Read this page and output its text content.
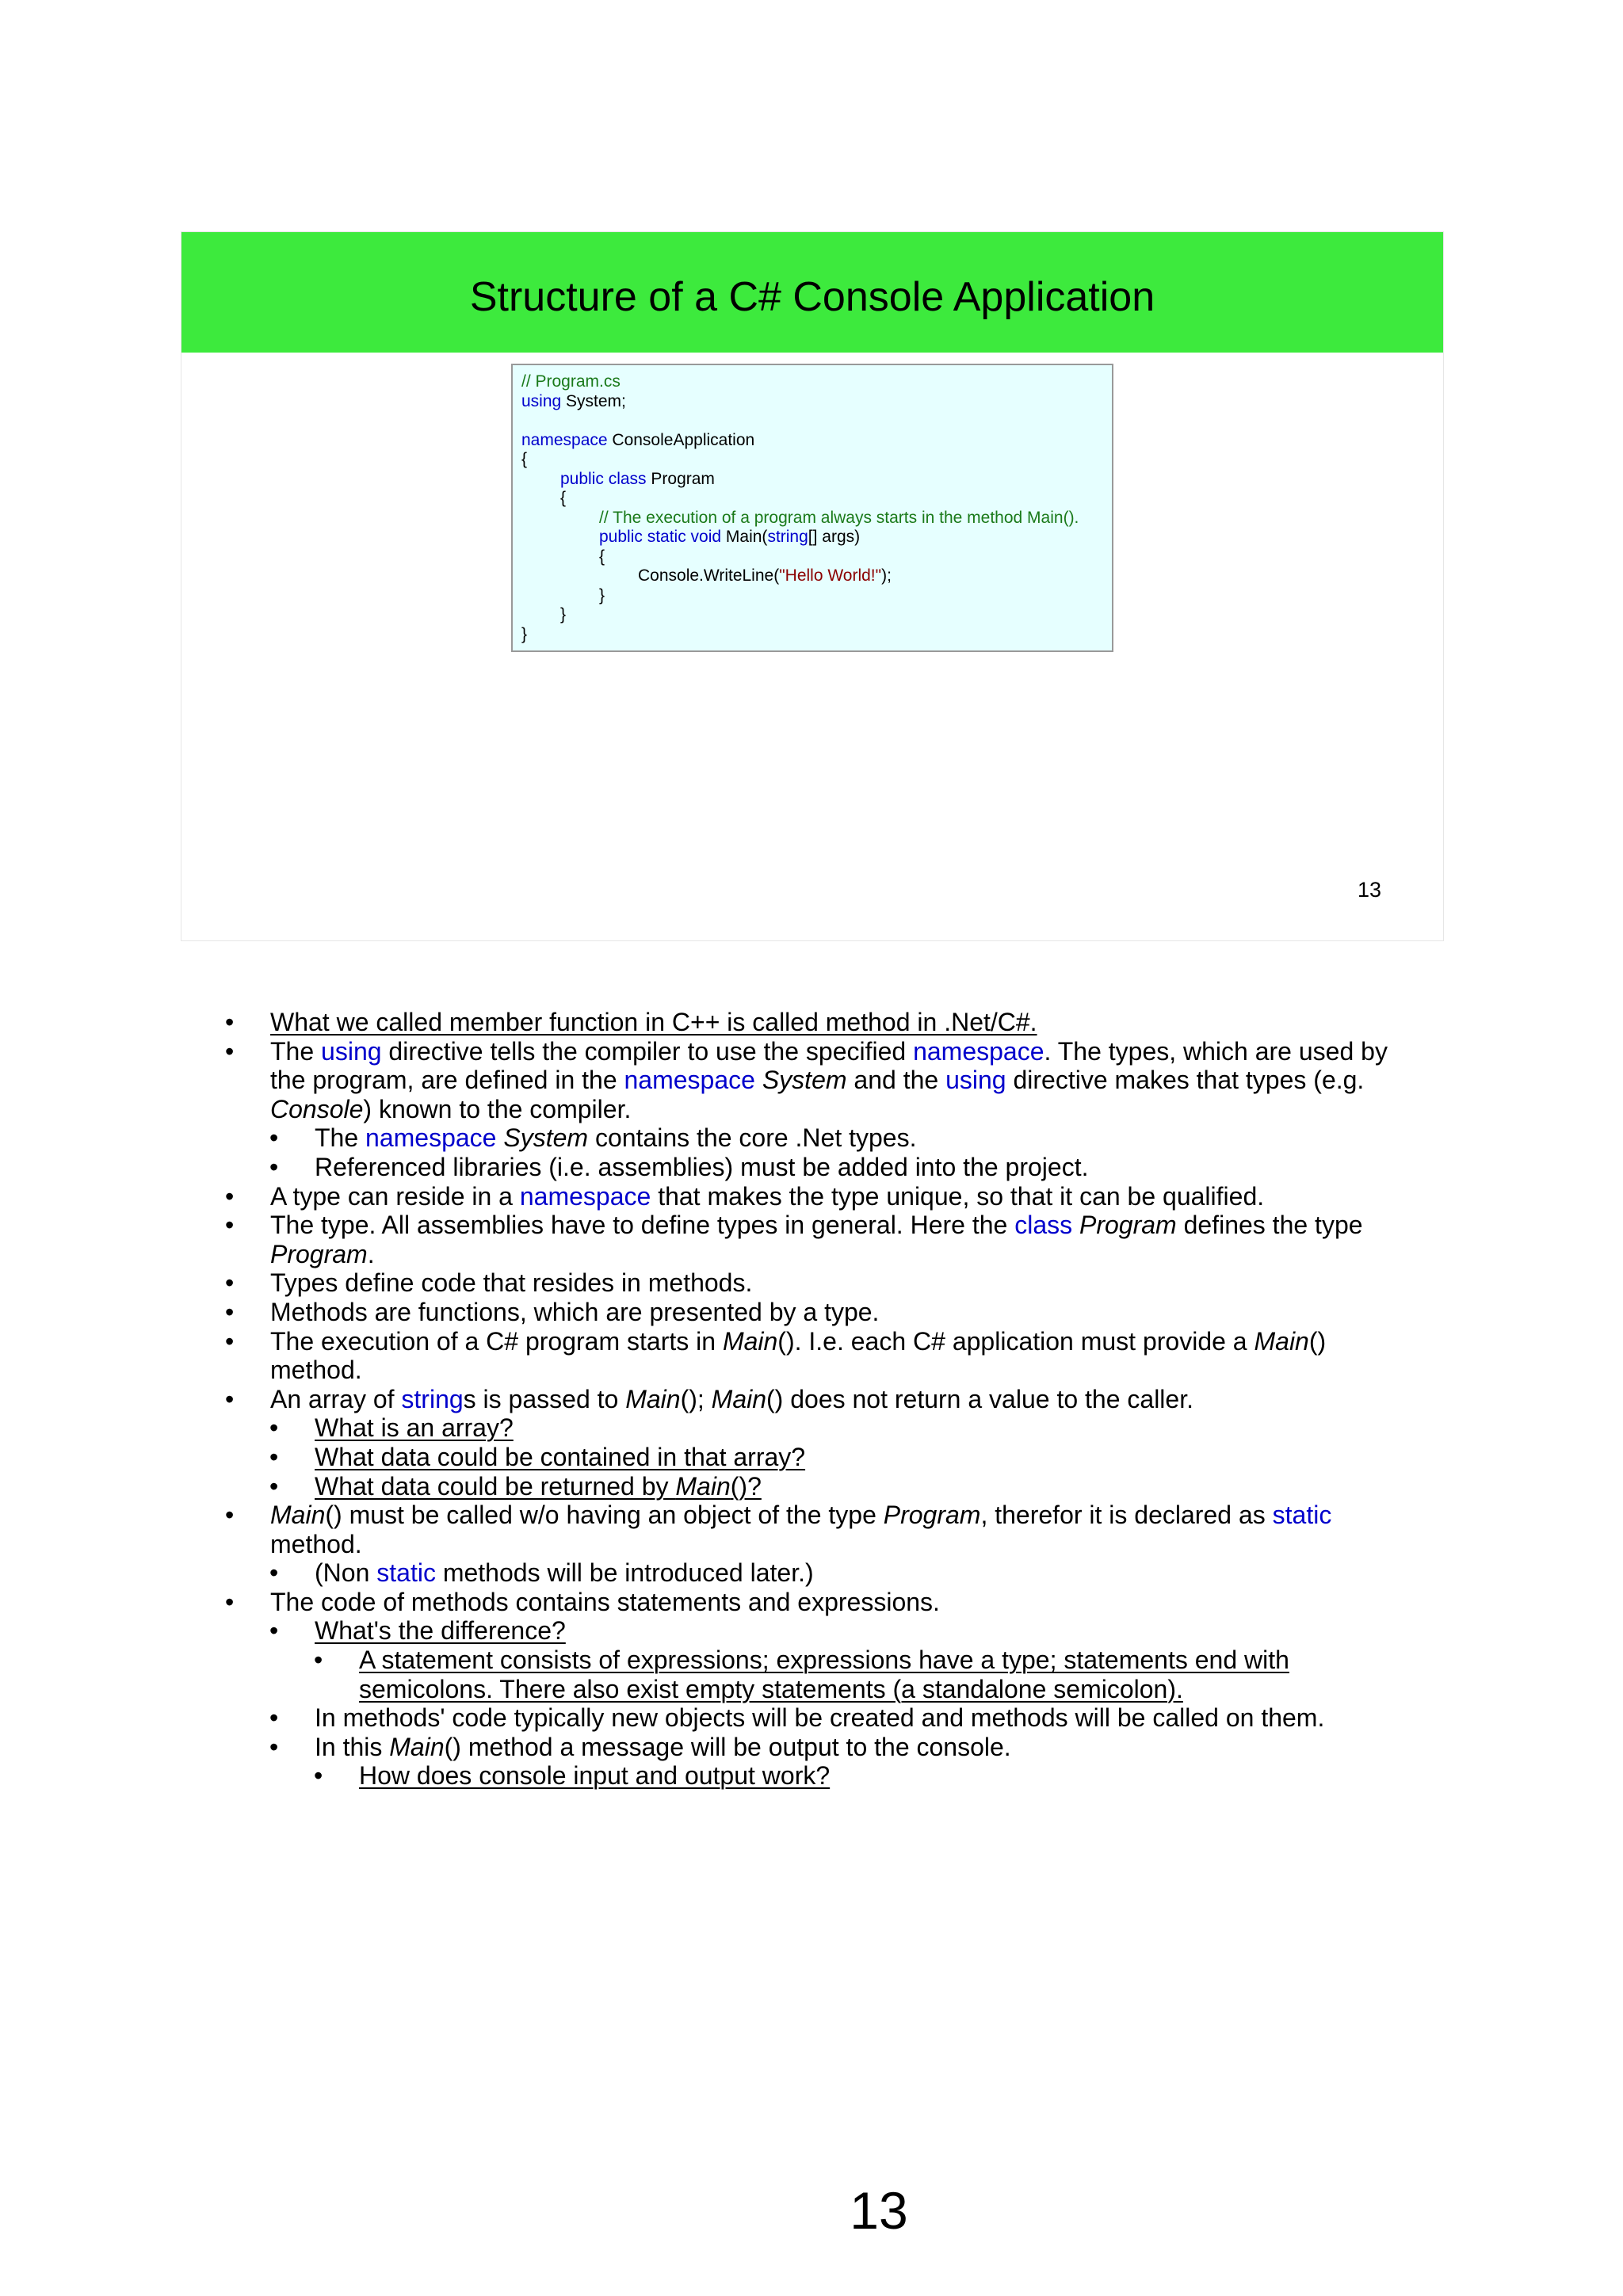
Structure of a C# Console Application
// Program.cs
using System;
namespace ConsoleApplication
{
public class Program
{
// The execution of a program always starts in the method Main().
public static void Main(string[] args)
{
Console.WriteLine("Hello World!");
}
}
}
13
• What we called member function in C++ is called method in .Net/C#.
• The using directive tells the compiler to use the specified namespace. The types, which are used by
the program, are defined in the namespace System and the using directive makes that types (e.g.
Console) known to the compiler.
• The namespace System contains the core .Net types.
• Referenced libraries (i.e. assemblies) must be added into the project.
• A type can reside in a namespace that makes the type unique, so that it can be qualified.
• The type. All assemblies have to define types in general. Here the class Program defines the type
Program.
• Types define code that resides in methods.
• Methods are functions, which are presented by a type.
• The execution of a C# program starts in Main(). I.e. each C# application must provide a Main()
method.
• An array of strings is passed to Main(); Main() does not return a value to the caller.
• What is an array?
• What data could be contained in that array?
• What data could be returned by Main()?
• Main() must be called w/o having an object of the type Program, therefor it is declared as static
method.
• (Non static methods will be introduced later.)
• The code of methods contains statements and expressions.
• What's the difference?
• A statement consists of expressions; expressions have a type; statements end with
semicolons. There also exist empty statements (a standalone semicolon).
• In methods' code typically new objects will be created and methods will be called on them.
• In this Main() method a message will be output to the console.
• How does console input and output work?
13
